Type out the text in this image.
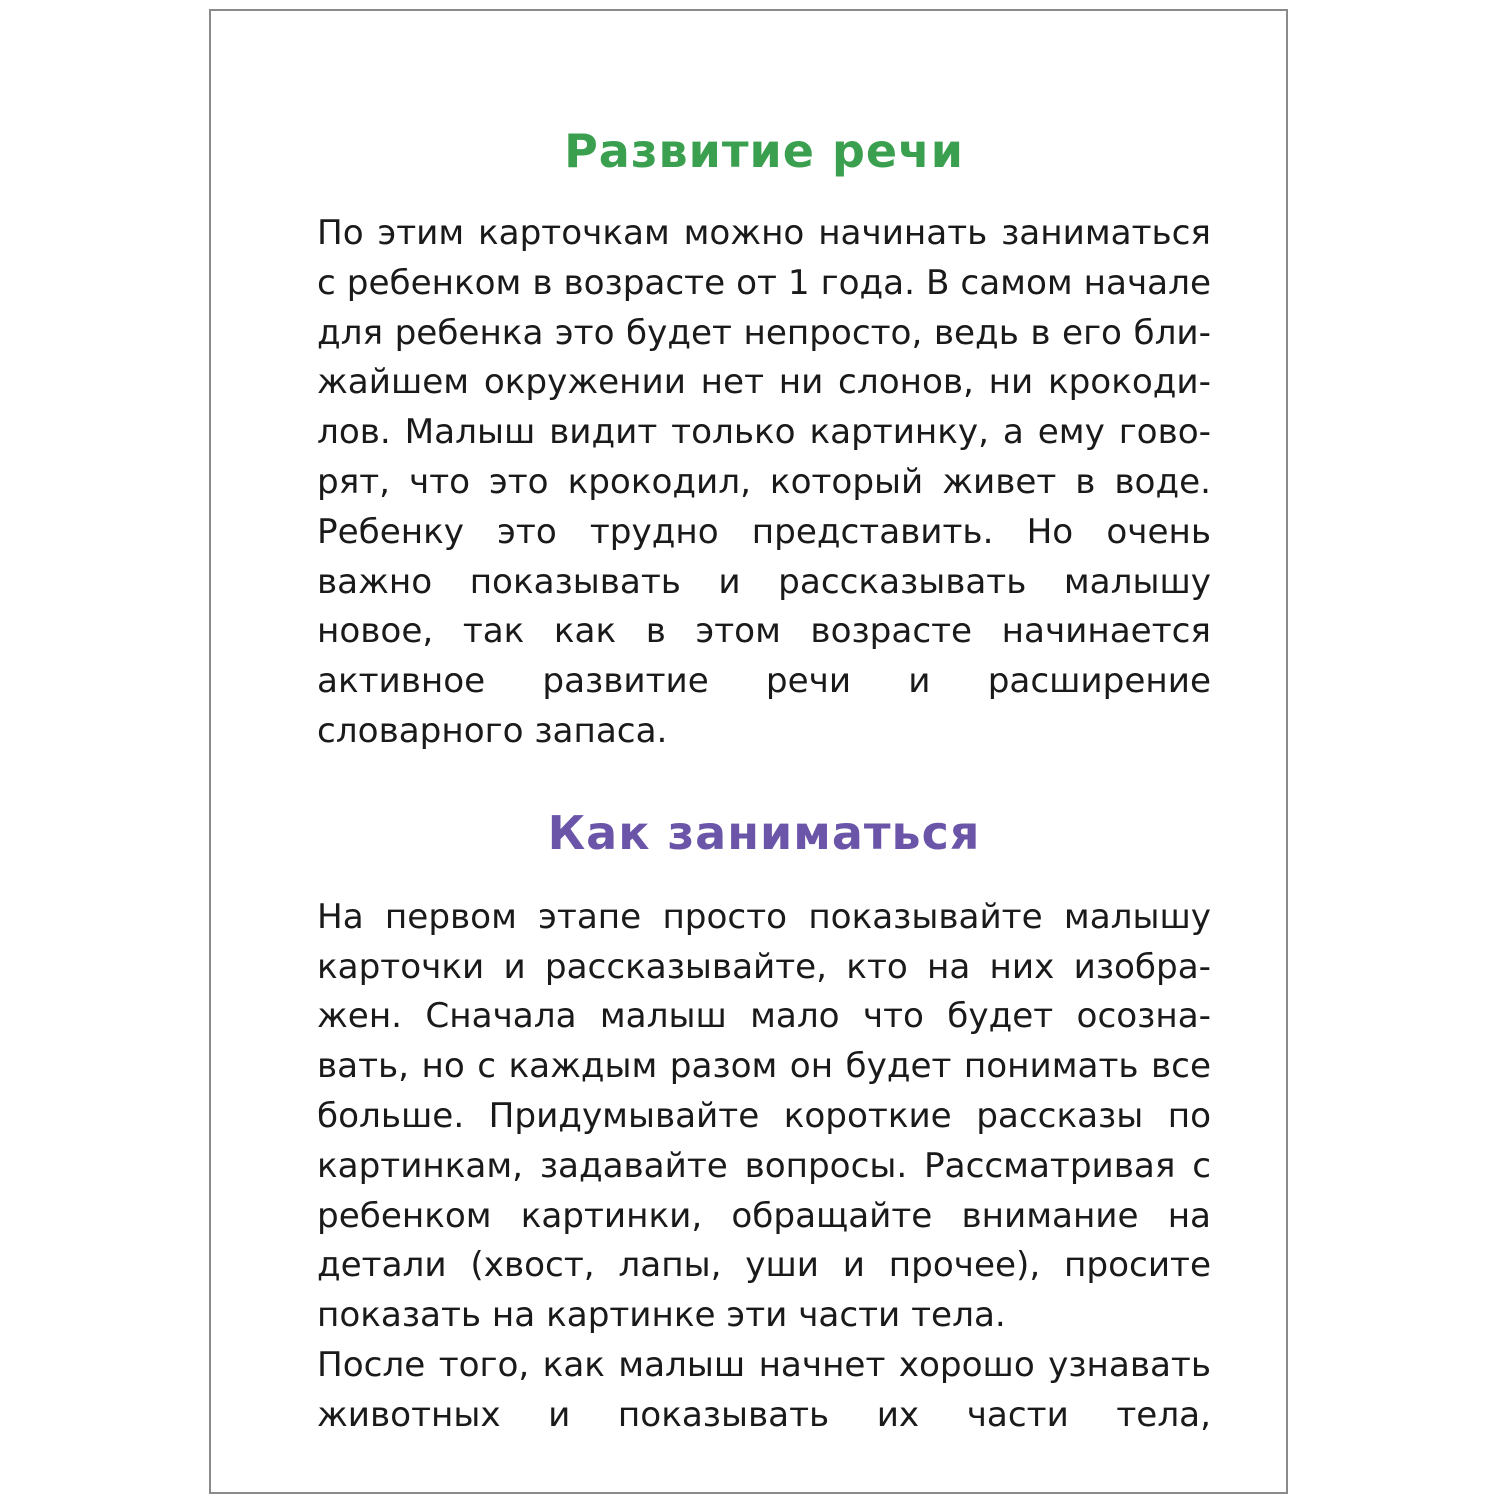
Развитие речи

По этим карточкам можно начинать заниматься с ребенком в возрасте от 1 года. В самом начале для ребенка это будет непросто, ведь в его ближайшем окружении нет ни слонов, ни крокодилов. Малыш видит только картинку, а ему говорят, что это крокодил, который живет в воде. Ребенку это трудно представить. Но очень важно показывать и рассказывать малышу новое, так как в этом возрасте начинается активное развитие речи и расширение словарного запаса.

Как заниматься

На первом этапе просто показывайте малышу карточки и рассказывайте, кто на них изображен. Сначала малыш мало что будет осознавать, но с каждым разом он будет понимать все больше. Придумывайте короткие рассказы по картинкам, задавайте вопросы. Рассматривая с ребенком картинки, обращайте внимание на детали (хвост, лапы, уши и прочее), просите показать на картинке эти части тела.

После того, как малыш начнет хорошо узнавать животных и показывать их части тела,
